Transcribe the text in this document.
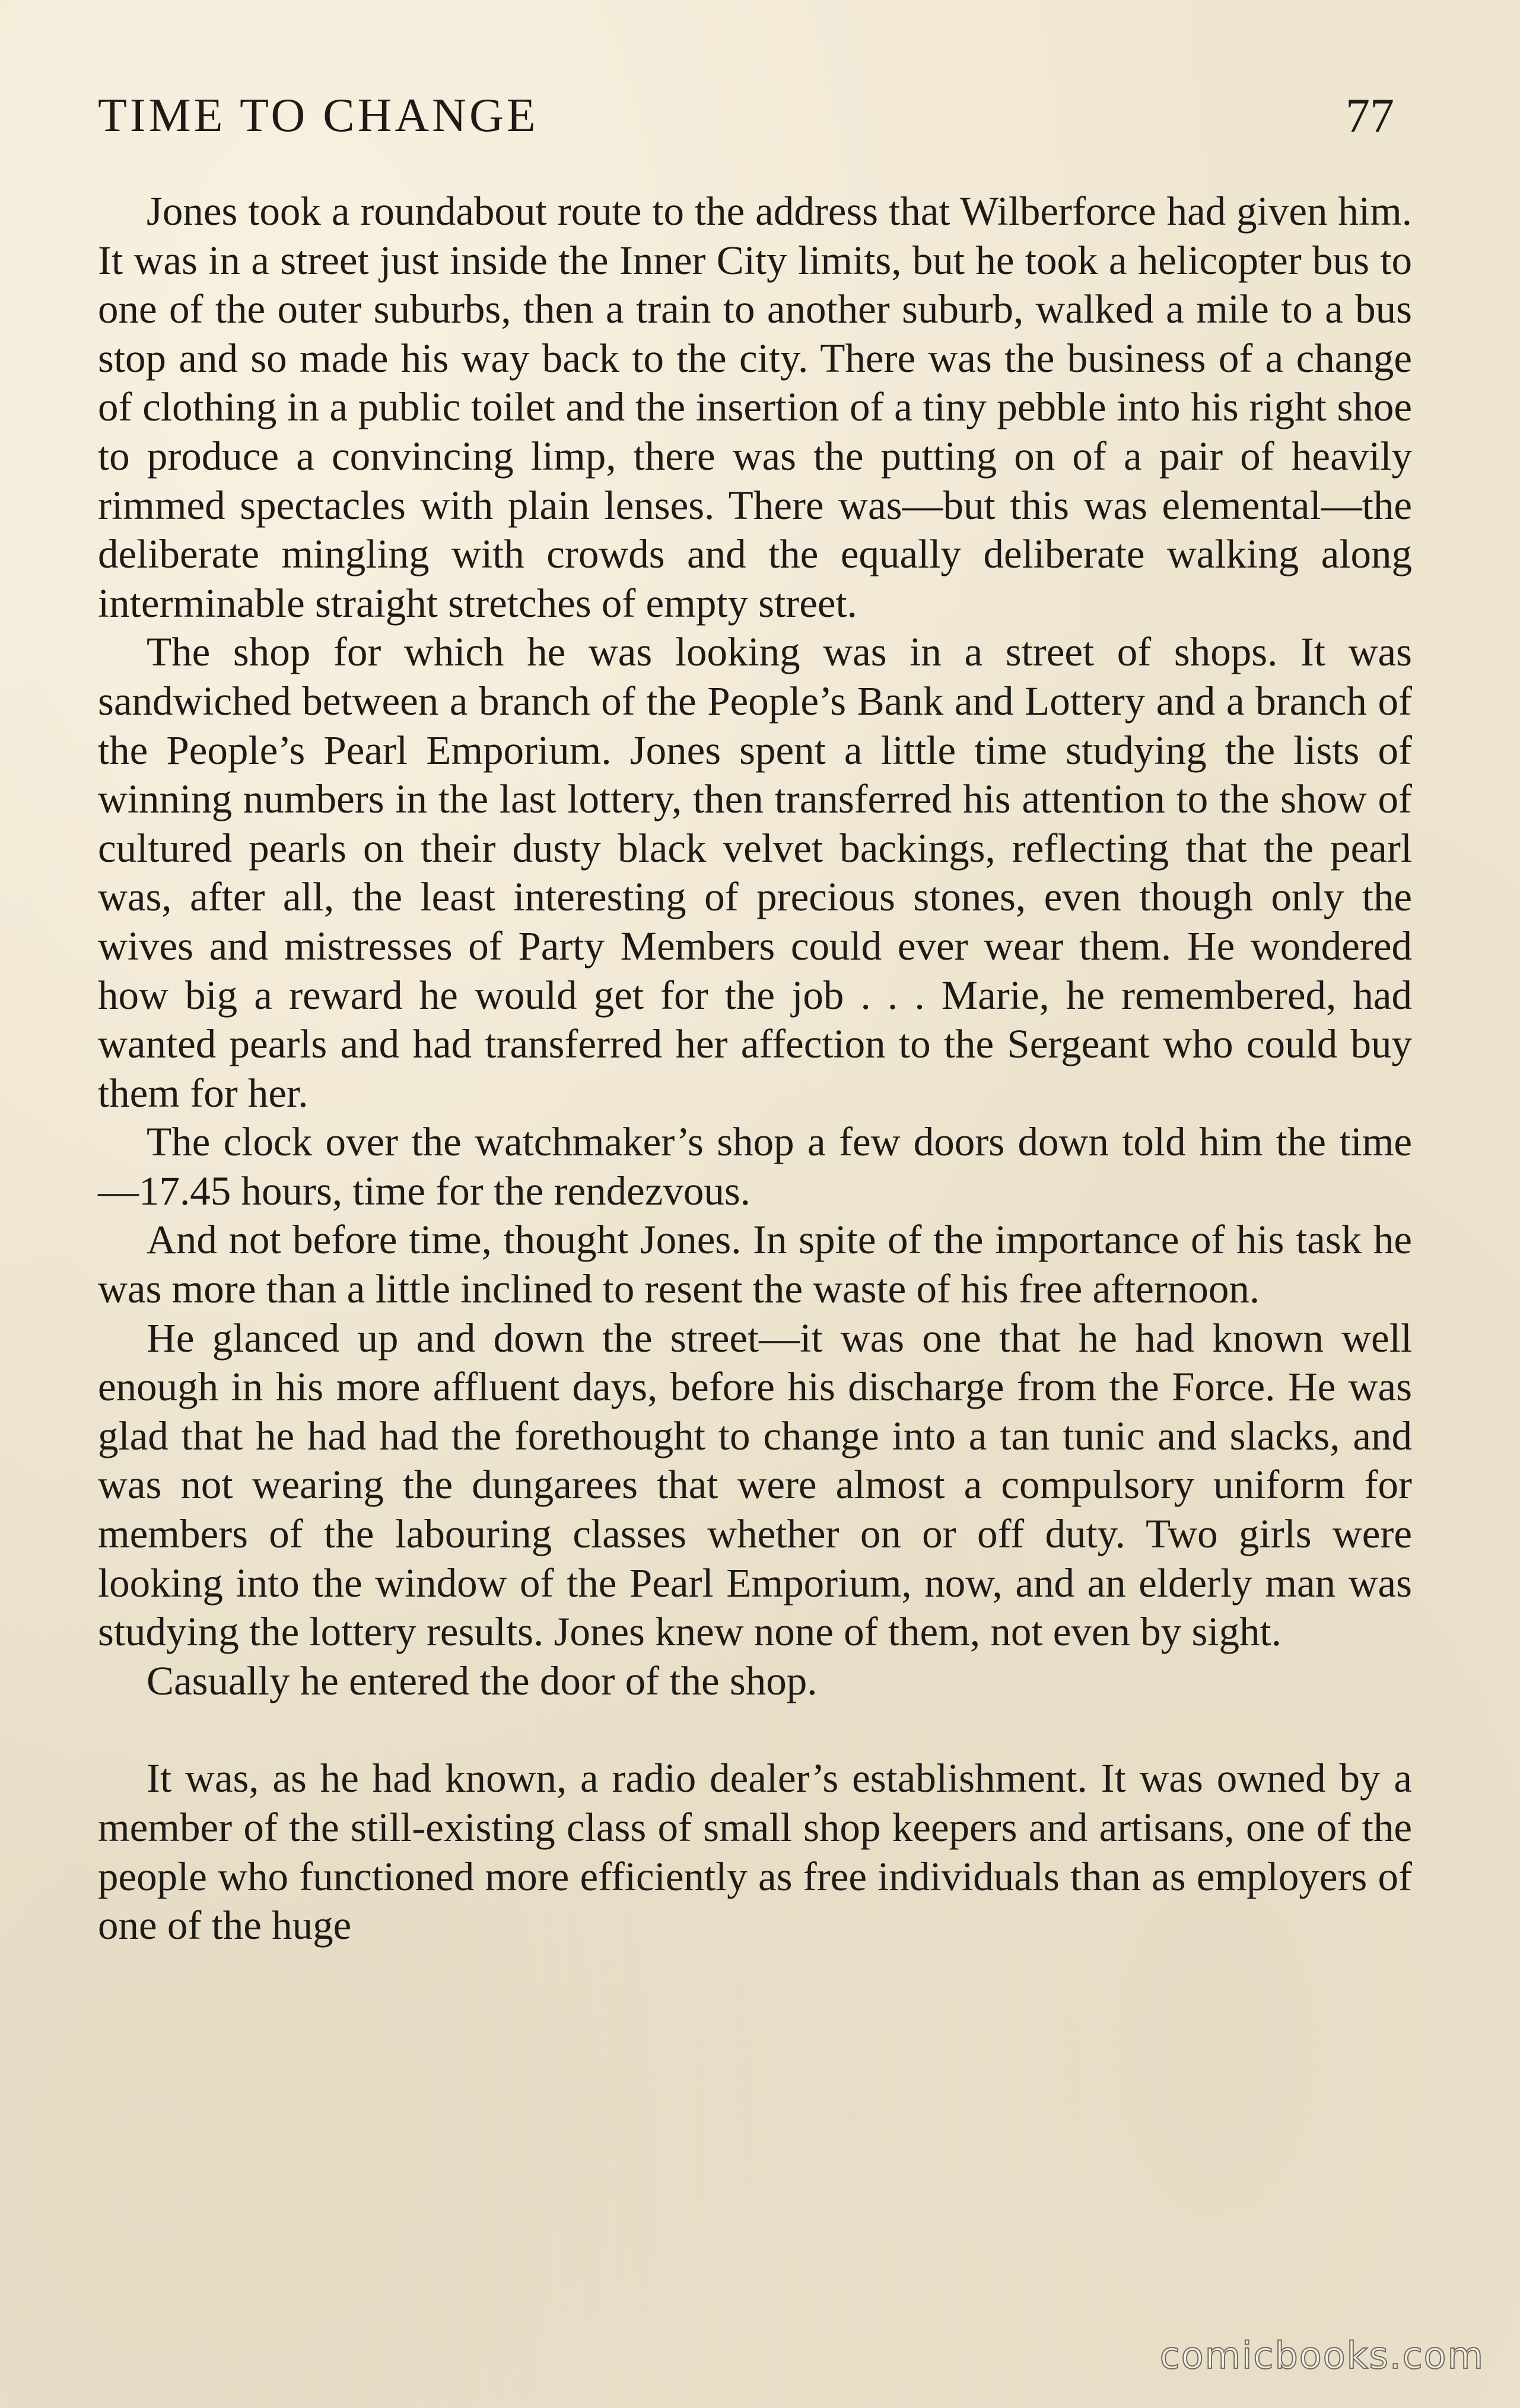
TIME TO CHANGE	77

Jones took a roundabout route to the address that Wilberforce had given him. It was in a street just inside the Inner City limits, but he took a helicopter bus to one of the outer suburbs, then a train to another suburb, walked a mile to a bus stop and so made his way back to the city. There was the business of a change of clothing in a public toilet and the insertion of a tiny pebble into his right shoe to produce a convincing limp, there was the putting on of a pair of heavily rimmed spectacles with plain lenses. There was—but this was elemental—the deliberate mingling with crowds and the equally deliberate walking along interminable straight stretches of empty street.

The shop for which he was looking was in a street of shops. It was sandwiched between a branch of the People’s Bank and Lottery and a branch of the People’s Pearl Emporium. Jones spent a little time studying the lists of winning numbers in the last lottery, then transferred his attention to the show of cultured pearls on their dusty black velvet backings, reflecting that the pearl was, after all, the least interesting of precious stones, even though only the wives and mistresses of Party Members could ever wear them. He wondered how big a reward he would get for the job . . . Marie, he remembered, had wanted pearls and had transferred her affection to the Sergeant who could buy them for her.

The clock over the watchmaker’s shop a few doors down told him the time—17.45 hours, time for the rendezvous.

And not before time, thought Jones. In spite of the importance of his task he was more than a little inclined to resent the waste of his free afternoon.

He glanced up and down the street—it was one that he had known well enough in his more affluent days, before his discharge from the Force. He was glad that he had had the forethought to change into a tan tunic and slacks, and was not wearing the dungarees that were almost a compulsory uniform for members of the labouring classes whether on or off duty. Two girls were looking into the window of the Pearl Emporium, now, and an elderly man was studying the lottery results. Jones knew none of them, not even by sight.

Casually he entered the door of the shop.

It was, as he had known, a radio dealer’s establishment. It was owned by a member of the still-existing class of small shop keepers and artisans, one of the people who functioned more efficiently as free individuals than as employers of one of the huge

comicbooks.com
